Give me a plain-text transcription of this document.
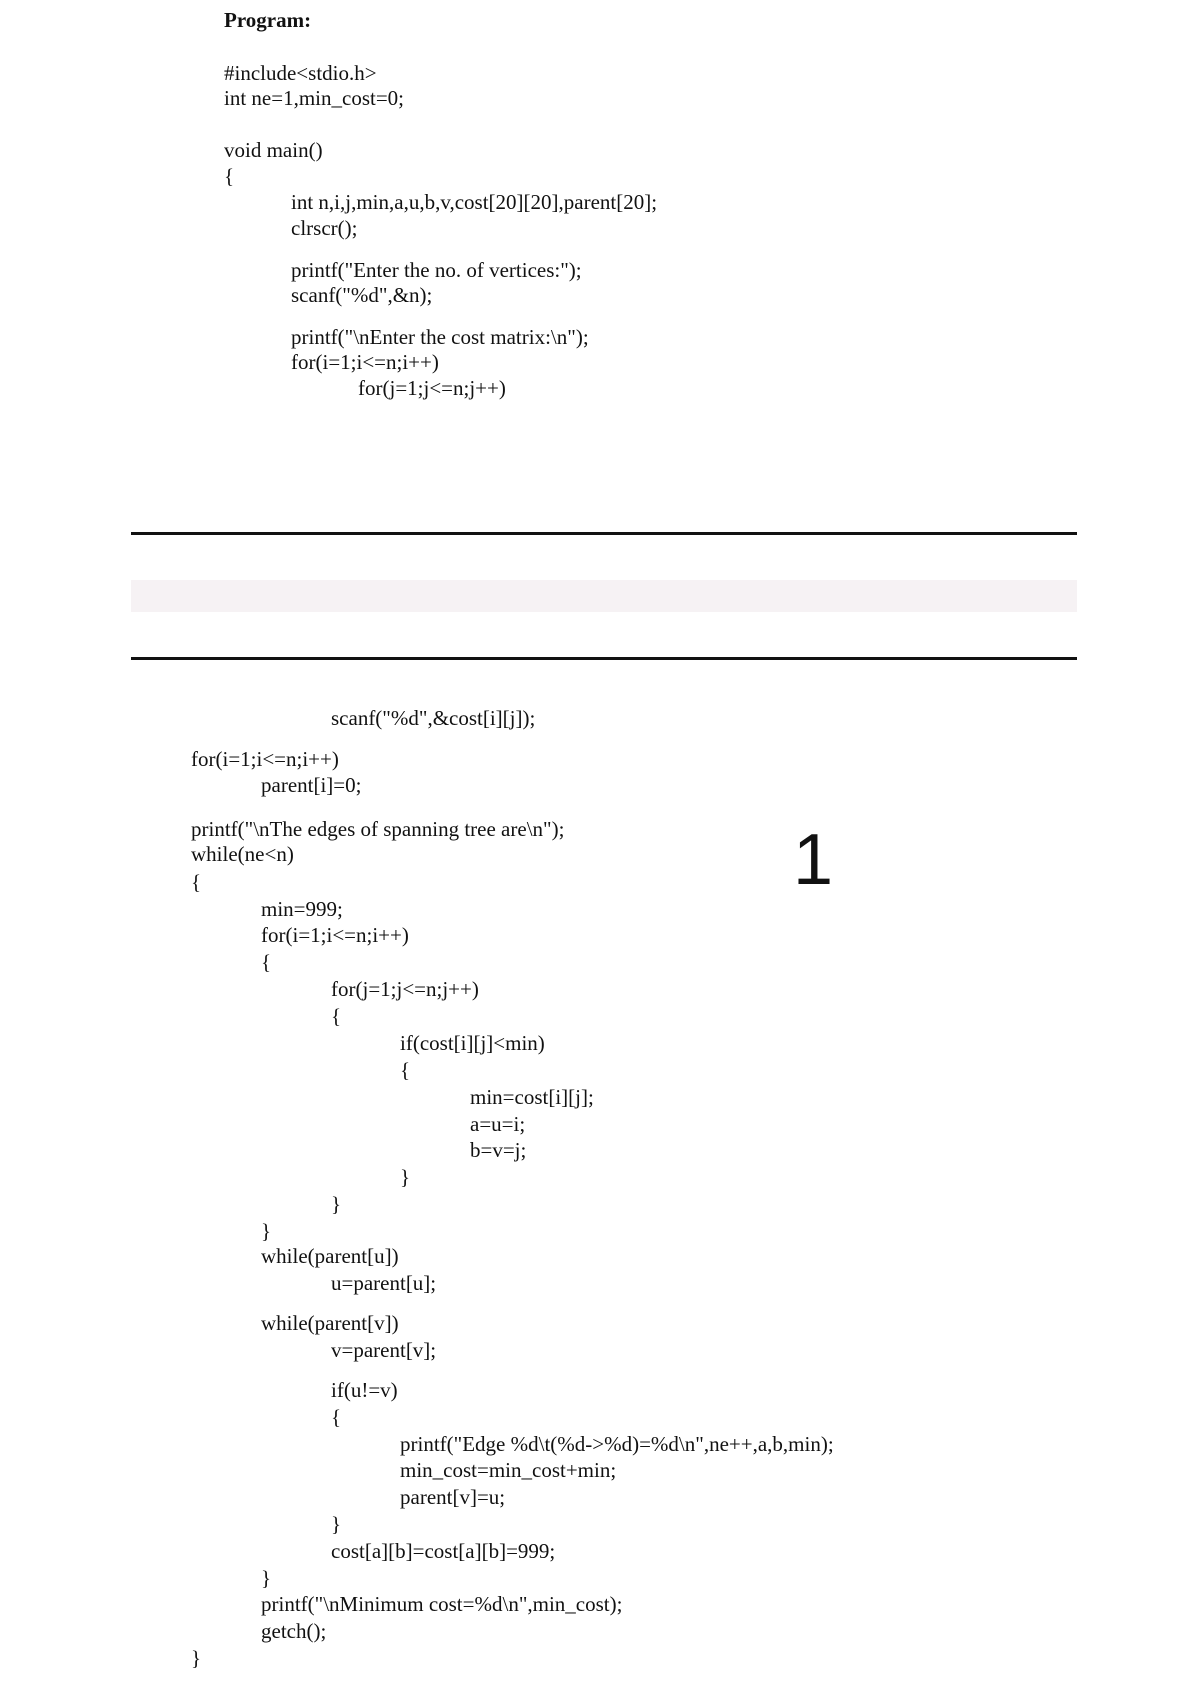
Program:
#include<stdio.h>
int ne=1,min_cost=0;
void main()
{
int n,i,j,min,a,u,b,v,cost[20][20],parent[20];
clrscr();
printf("Enter the no. of vertices:");
scanf("%d",&n);
printf("\nEnter the cost matrix:\n");
for(i=1;i<=n;i++)
for(j=1;j<=n;j++)
scanf("%d",&cost[i][j]);
for(i=1;i<=n;i++)
parent[i]=0;
printf("\nThe edges of spanning tree are\n");
while(ne<n)
{
min=999;
for(i=1;i<=n;i++)
{
for(j=1;j<=n;j++)
{
if(cost[i][j]<min)
{
min=cost[i][j];
a=u=i;
b=v=j;
}
}
}
while(parent[u])
u=parent[u];
while(parent[v])
v=parent[v];
if(u!=v)
{
printf("Edge %d\t(%d->%d)=%d\n",ne++,a,b,min);
min_cost=min_cost+min;
parent[v]=u;
}
cost[a][b]=cost[a][b]=999;
}
printf("\nMinimum cost=%d\n",min_cost);
getch();
}
1
